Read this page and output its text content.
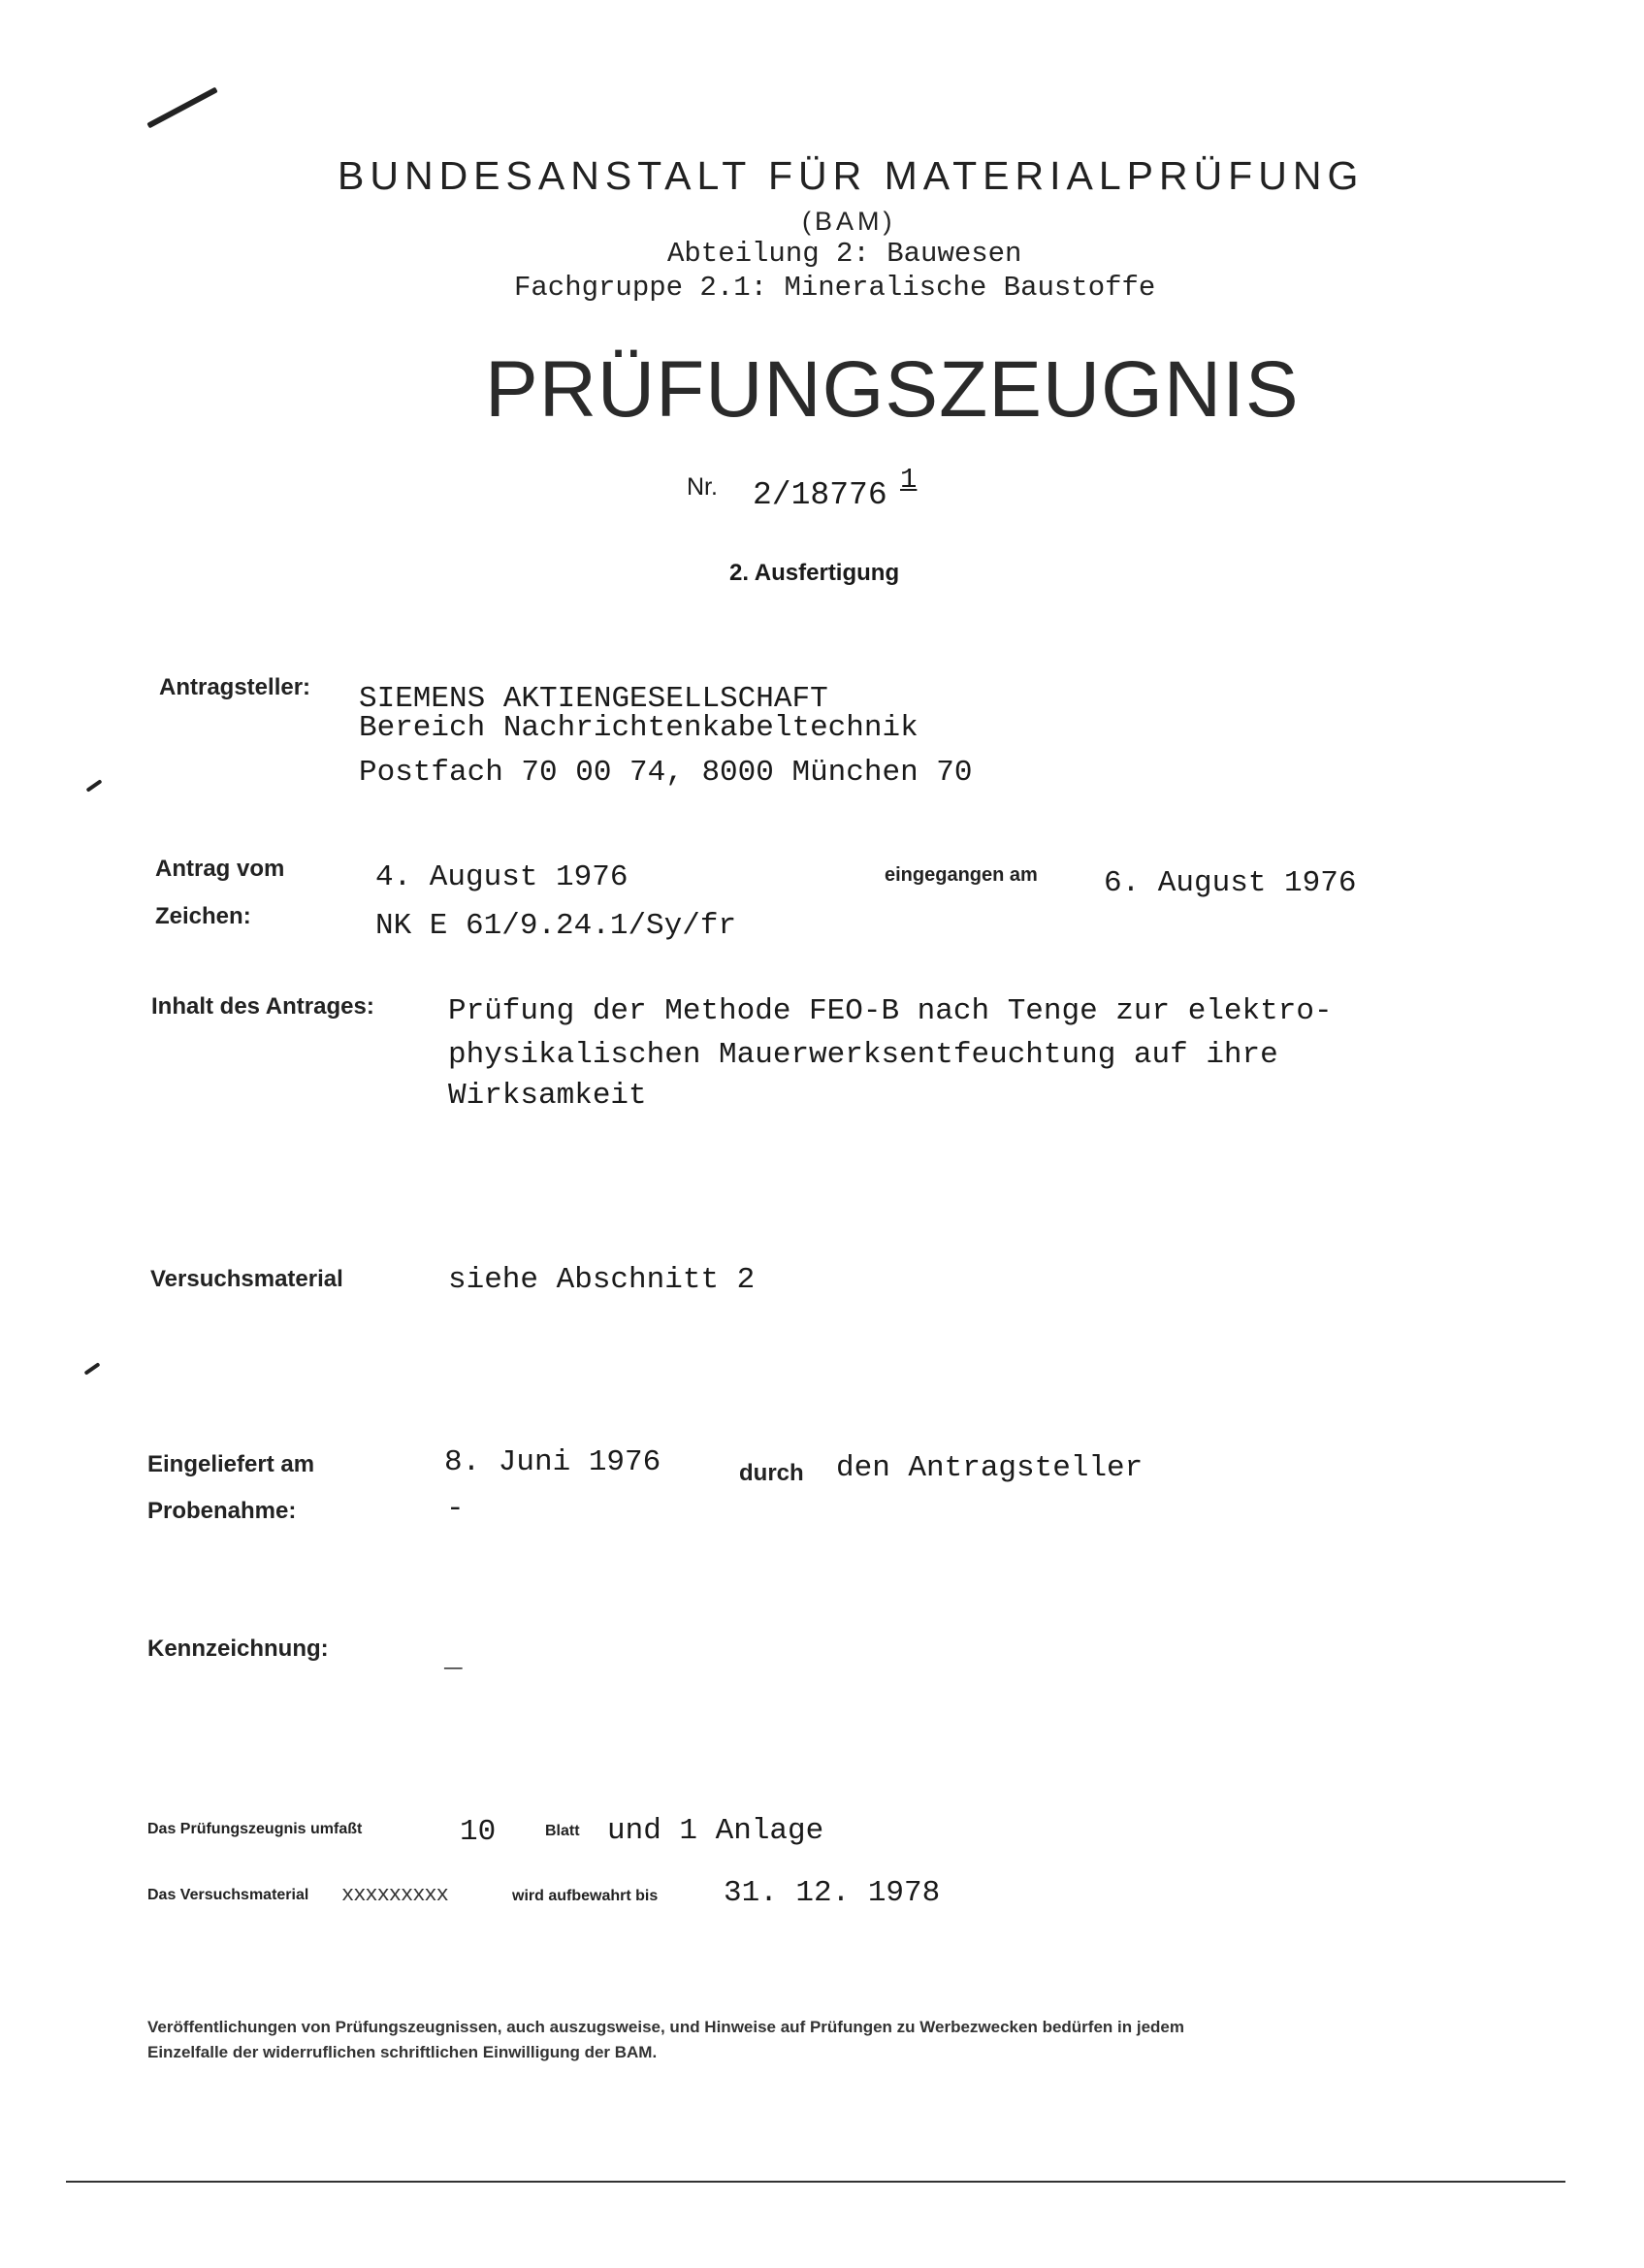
BUNDESANSTALT FÜR MATERIALPRÜFUNG
(BAM)
Abteilung 2: Bauwesen
Fachgruppe 2.1: Mineralische Baustoffe
PRÜFUNGSZEUGNIS
Nr. 2/18776 1
2. Ausfertigung
Antragsteller: SIEMENS AKTIENGESELLSCHAFT
Bereich Nachrichtenkabeltechnik
Postfach 70 00 74, 8000 München 70
Antrag vom	4. August 1976	eingegangen am 6. August 1976
Zeichen:	NK E 61/9.24.1/Sy/fr
Inhalt des Antrages: Prüfung der Methode FEO-B nach Tenge zur elektro-
physikalischen Mauerwerksentfeuchtung auf ihre
Wirksamkeit
Versuchsmaterial	siehe Abschnitt 2
Eingeliefert am	8. Juni 1976	durch den Antragsteller
Probenahme:	-
Kennzeichnung:	_
Das Prüfungszeugnis umfaßt	10	Blatt und 1 Anlage
Das Versuchsmaterial xxxxxxxxx	wird aufbewahrt bis 31. 12. 1978
Veröffentlichungen von Prüfungszeugnissen, auch auszugsweise, und Hinweise auf Prüfungen zu Werbezwecken bedürfen in jedem
Einzelfalle der widerruflichen schriftlichen Einwilligung der BAM.
